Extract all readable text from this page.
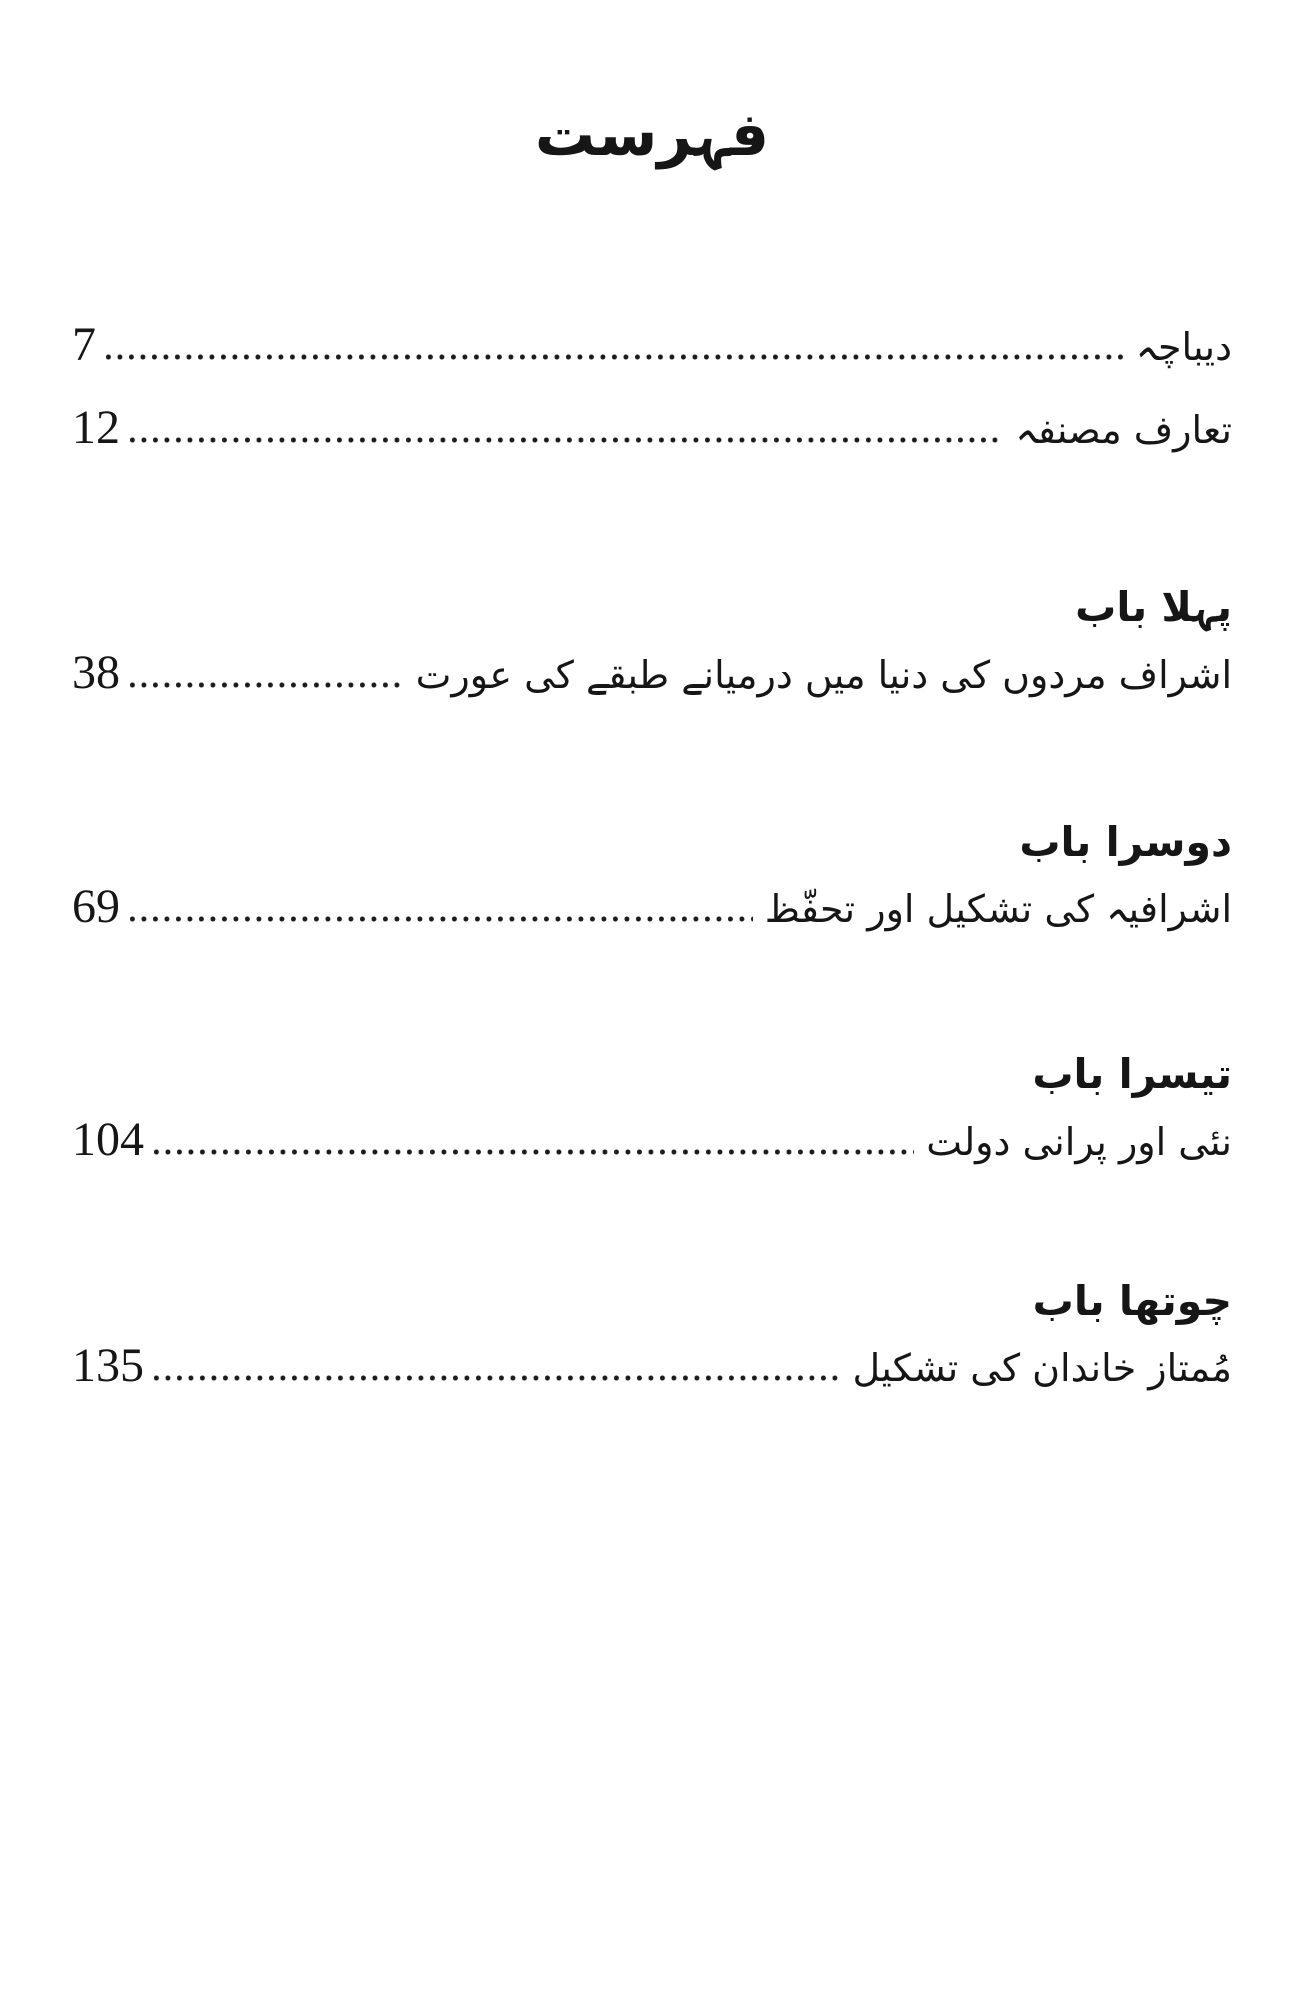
فہرست
7	دیباچہ
12	تعارف مصنفہ
پہلا باب
38	اشراف مردوں کی دنیا میں درمیانے طبقے کی عورت
دوسرا باب
69	اشرافیہ کی تشکیل اور تحفّظ
تیسرا باب
104	نئی اور پرانی دولت
چوتھا باب
135	مُمتاز خاندان کی تشکیل
